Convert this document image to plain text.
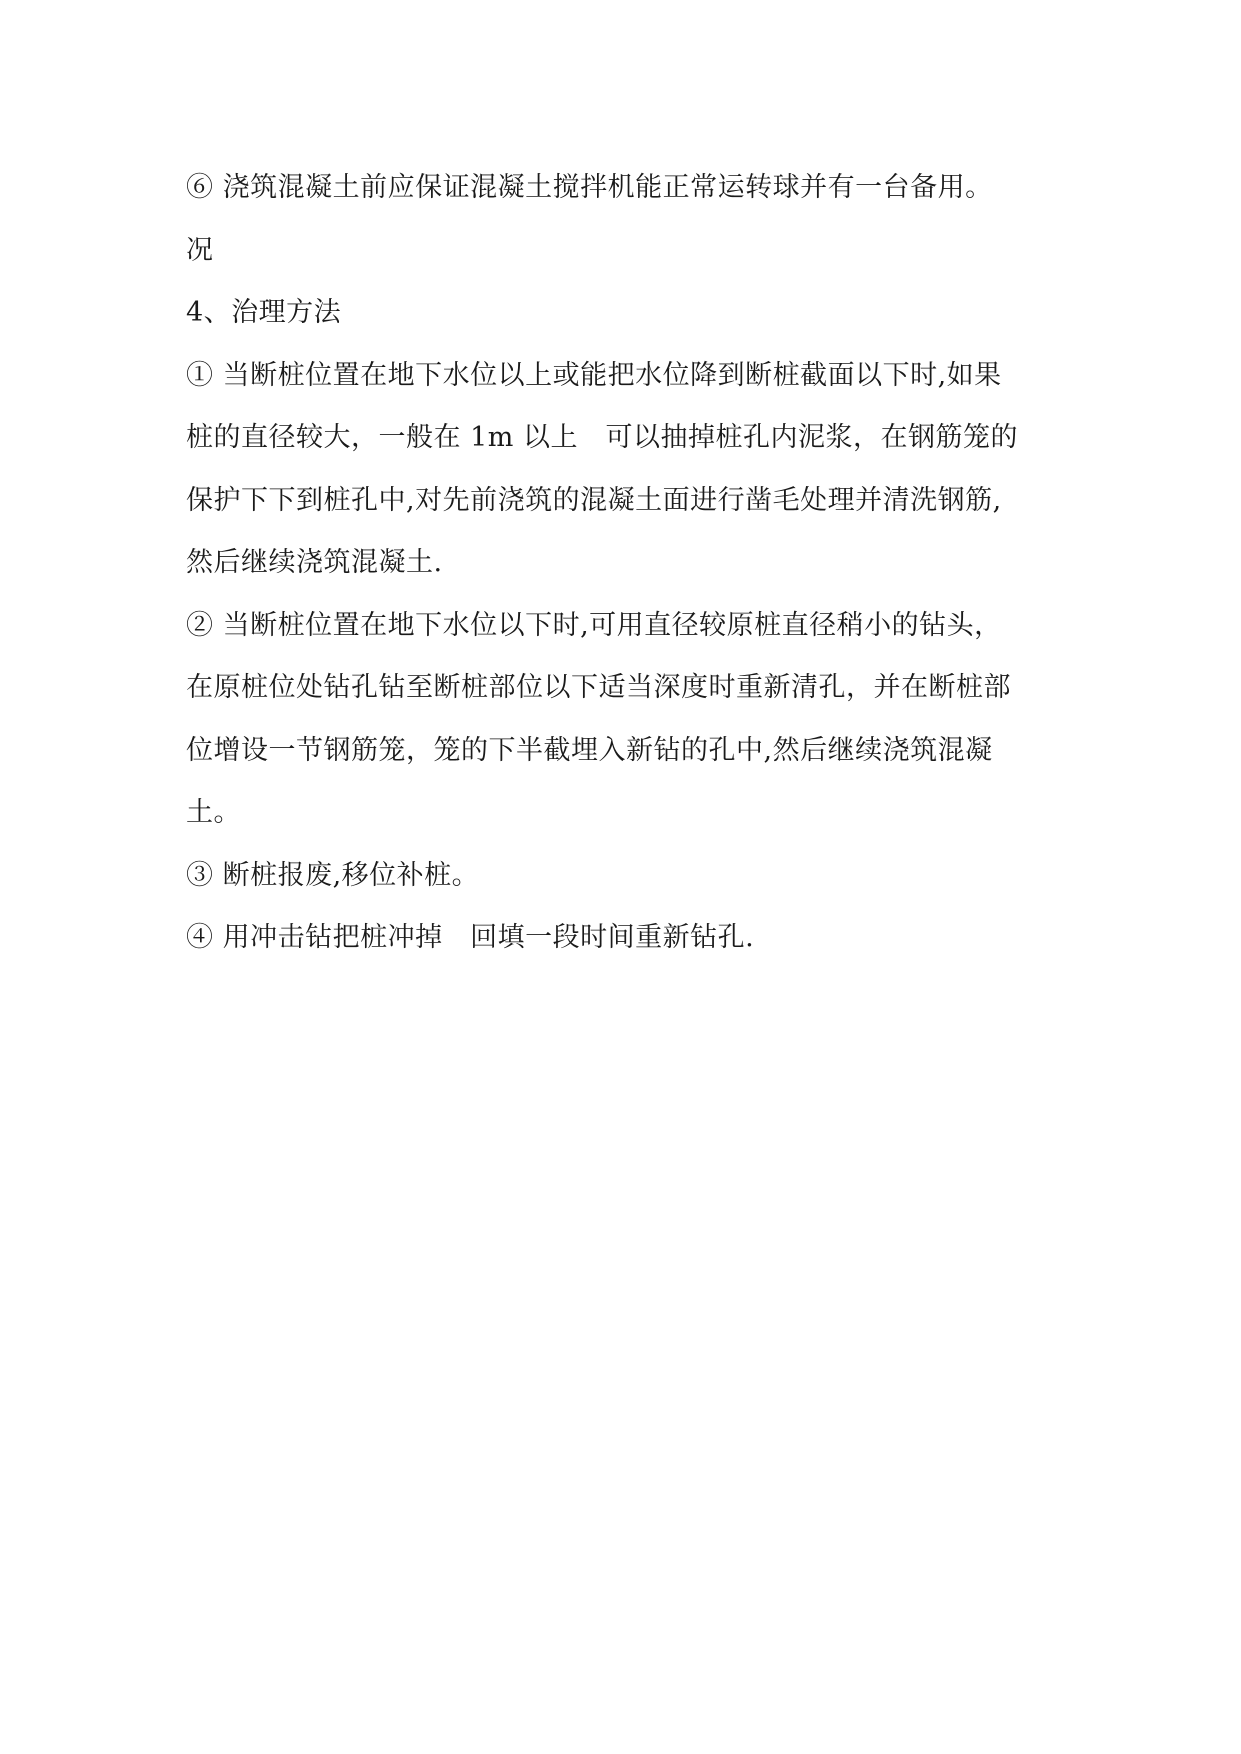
⑥ 浇筑混凝土前应保证混凝土搅拌机能正常运转球并有一台备用。
况
4、治理方法
① 当断桩位置在地下水位以上或能把水位降到断桩截面以下时,如果
桩的直径较大，一般在 1m 以上　可以抽掉桩孔内泥浆，在钢筋笼的
保护下下到桩孔中,对先前浇筑的混凝土面进行凿毛处理并清洗钢筋,
然后继续浇筑混凝土.
② 当断桩位置在地下水位以下时,可用直径较原桩直径稍小的钻头，
在原桩位处钻孔钻至断桩部位以下适当深度时重新清孔，并在断桩部
位增设一节钢筋笼，笼的下半截埋入新钻的孔中,然后继续浇筑混凝
土。
③ 断桩报废,移位补桩。
④ 用冲击钻把桩冲掉　回填一段时间重新钻孔.
